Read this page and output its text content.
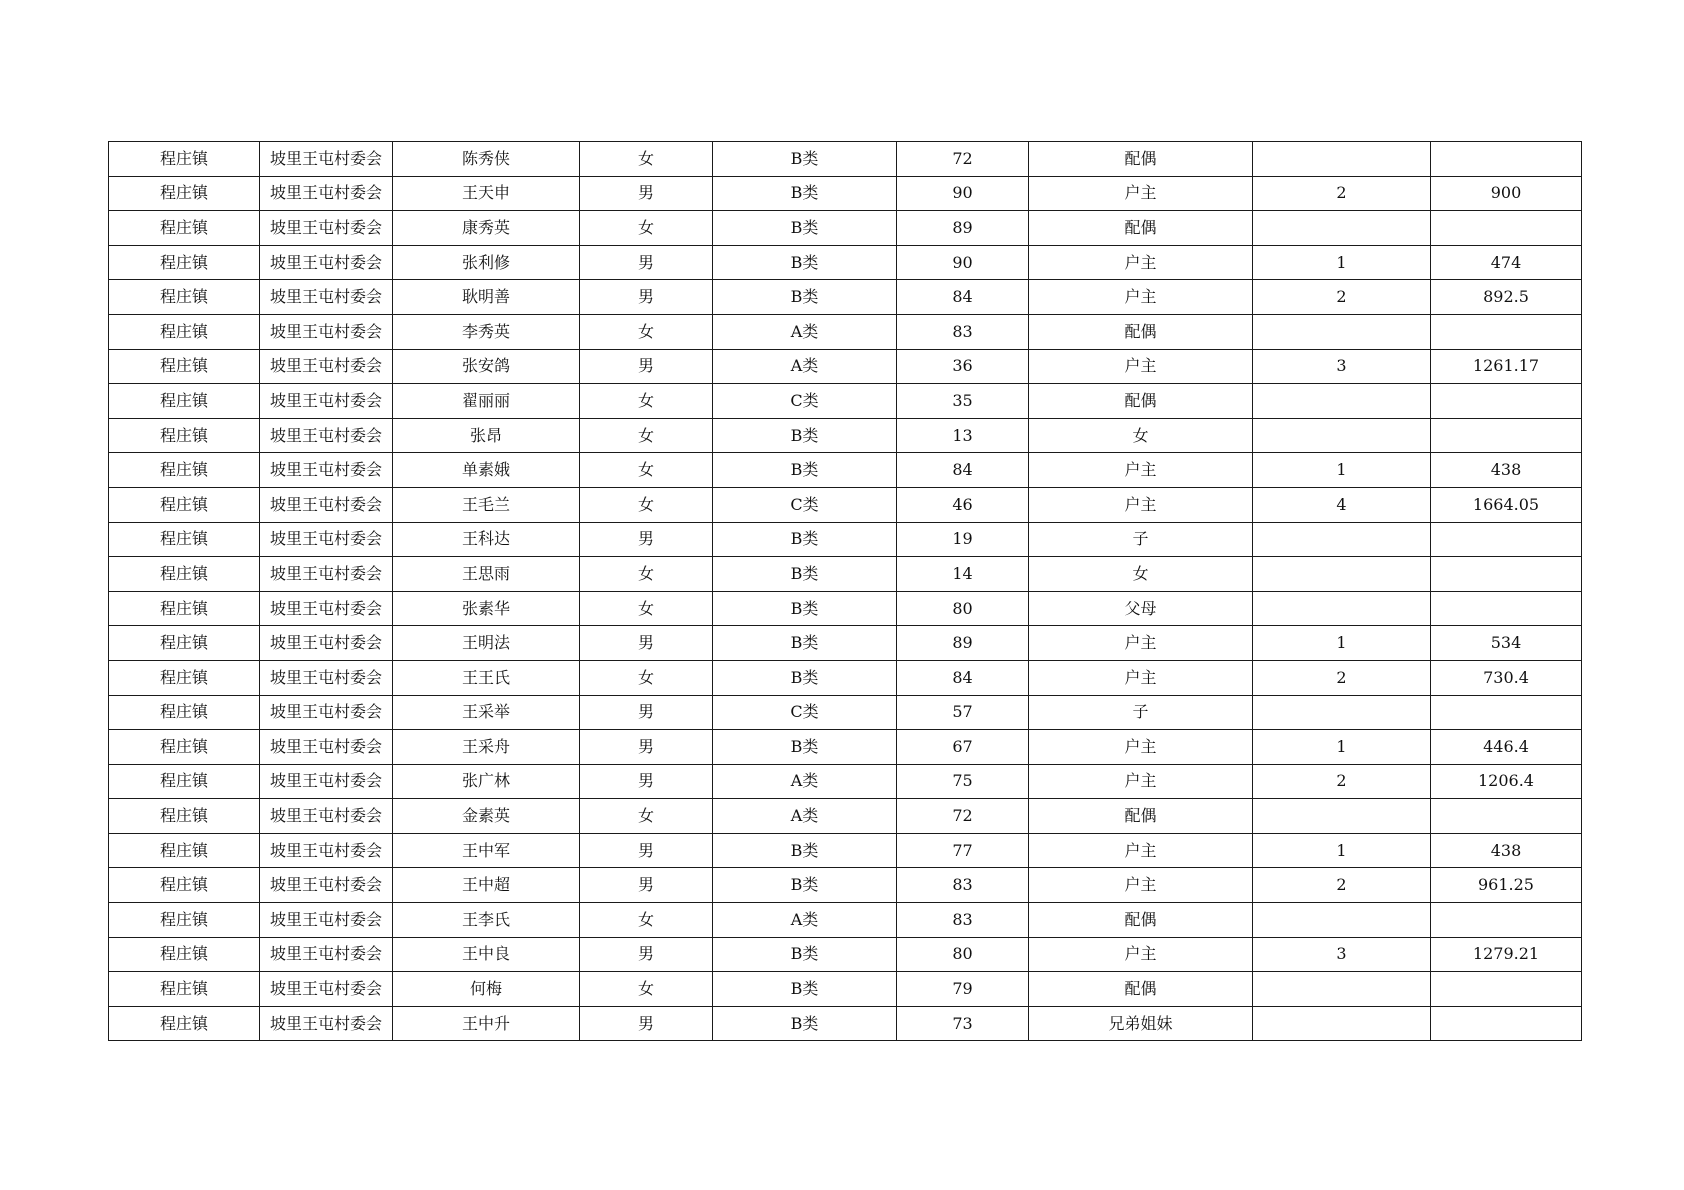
程庄镇	坡里王屯村委会	陈秀侠	女	B类	72	配偶		
程庄镇	坡里王屯村委会	王天申	男	B类	90	户主	2	900
程庄镇	坡里王屯村委会	康秀英	女	B类	89	配偶		
程庄镇	坡里王屯村委会	张利修	男	B类	90	户主	1	474
程庄镇	坡里王屯村委会	耿明善	男	B类	84	户主	2	892.5
程庄镇	坡里王屯村委会	李秀英	女	A类	83	配偶		
程庄镇	坡里王屯村委会	张安鸽	男	A类	36	户主	3	1261.17
程庄镇	坡里王屯村委会	翟丽丽	女	C类	35	配偶		
程庄镇	坡里王屯村委会	张昂	女	B类	13	女		
程庄镇	坡里王屯村委会	单素娥	女	B类	84	户主	1	438
程庄镇	坡里王屯村委会	王毛兰	女	C类	46	户主	4	1664.05
程庄镇	坡里王屯村委会	王科达	男	B类	19	子		
程庄镇	坡里王屯村委会	王思雨	女	B类	14	女		
程庄镇	坡里王屯村委会	张素华	女	B类	80	父母		
程庄镇	坡里王屯村委会	王明法	男	B类	89	户主	1	534
程庄镇	坡里王屯村委会	王王氏	女	B类	84	户主	2	730.4
程庄镇	坡里王屯村委会	王采举	男	C类	57	子		
程庄镇	坡里王屯村委会	王采舟	男	B类	67	户主	1	446.4
程庄镇	坡里王屯村委会	张广林	男	A类	75	户主	2	1206.4
程庄镇	坡里王屯村委会	金素英	女	A类	72	配偶		
程庄镇	坡里王屯村委会	王中军	男	B类	77	户主	1	438
程庄镇	坡里王屯村委会	王中超	男	B类	83	户主	2	961.25
程庄镇	坡里王屯村委会	王李氏	女	A类	83	配偶		
程庄镇	坡里王屯村委会	王中良	男	B类	80	户主	3	1279.21
程庄镇	坡里王屯村委会	何梅	女	B类	79	配偶		
程庄镇	坡里王屯村委会	王中升	男	B类	73	兄弟姐妹		
